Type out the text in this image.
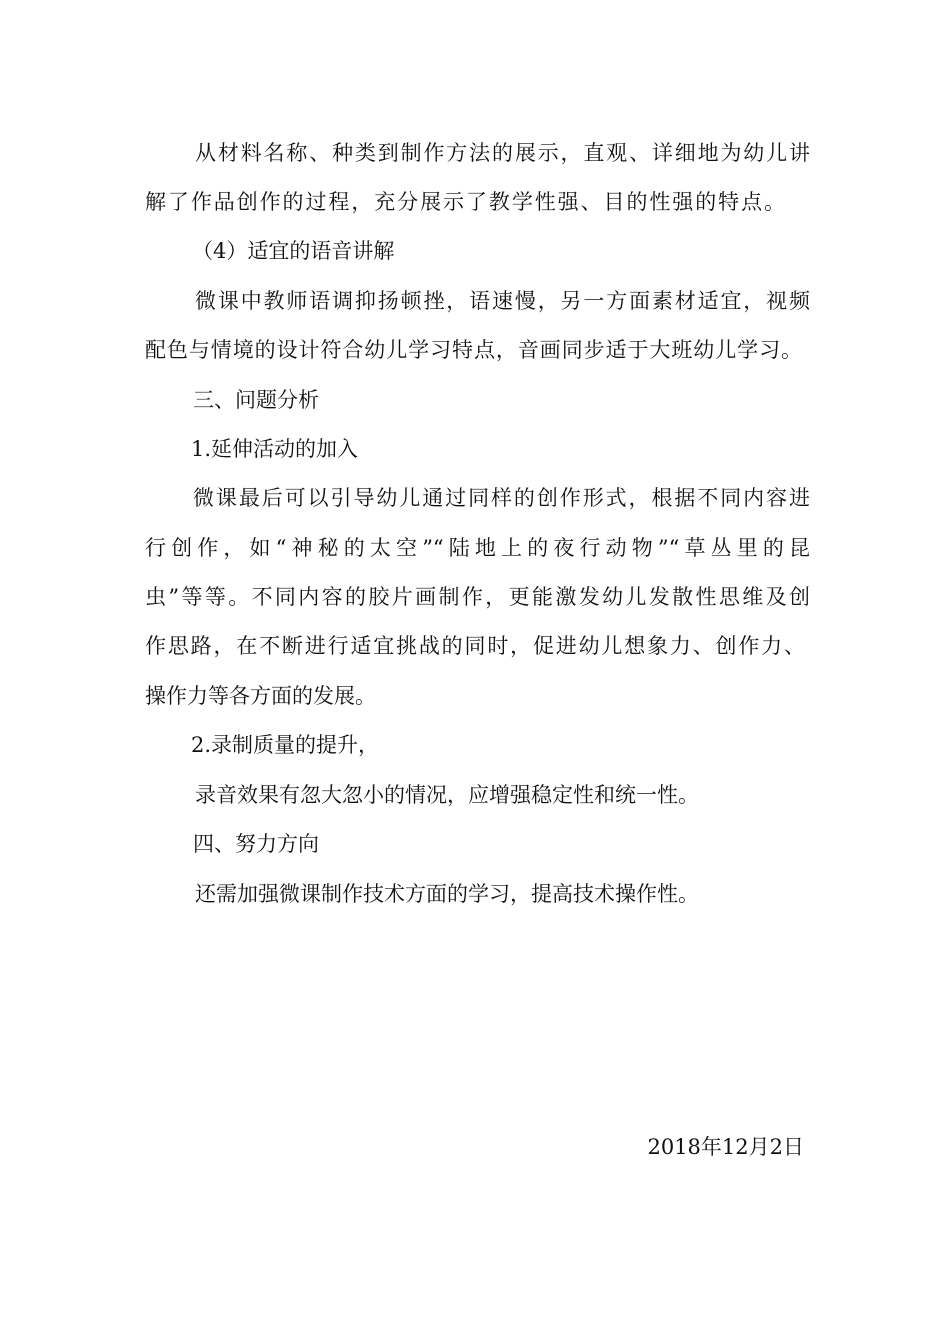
从材料名称、种类到制作方法的展示，直观、详细地为幼儿讲
解了作品创作的过程，充分展示了教学性强、目的性强的特点。
（4）适宜的语音讲解
微课中教师语调抑扬顿挫，语速慢，另一方面素材适宜，视频
配色与情境的设计符合幼儿学习特点，音画同步适于大班幼儿学习。
三、问题分析
1.延伸活动的加入
微课最后可以引导幼儿通过同样的创作形式，根据不同内容进
行创作，如“神秘的太空”“陆地上的夜行动物”“草丛里的昆
虫”等等。不同内容的胶片画制作，更能激发幼儿发散性思维及创
作思路，在不断进行适宜挑战的同时，促进幼儿想象力、创作力、
操作力等各方面的发展。
2.录制质量的提升，
录音效果有忽大忽小的情况，应增强稳定性和统一性。
四、努力方向
还需加强微课制作技术方面的学习，提高技术操作性。
2018年12月2日
